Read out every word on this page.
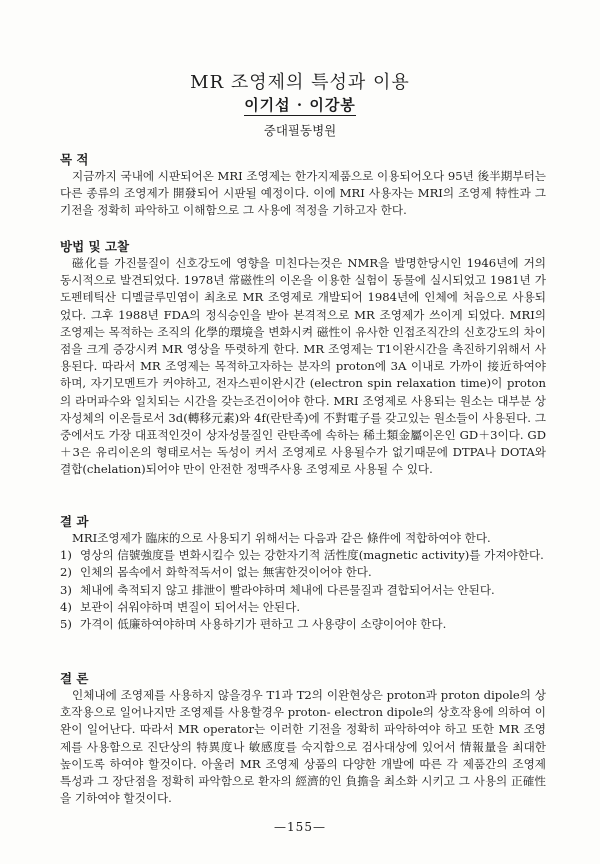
MR 조영제의 특성과 이용
이기섭 · 이강봉
중대필동병원
목 적

지금까지 국내에 시판되어온 MRI 조영제는 한가지제품으로 이용되어오다 95년 後半期부터는 다른 종류의 조영제가 開發되어 시판될 예정이다. 이에 MRI 사용자는 MRI의 조영제 特性과 그 기전을 정확히 파악하고 이해함으로 그 사용에 적정을 기하고자 한다.

방법 및 고찰

磁化를 가진물질이 신호강도에 영향을 미친다는것은 NMR을 발명한당시인 1946년에 거의 동시적으로 발견되었다. 1978년 常磁性의 이온을 이용한 실험이 동물에 실시되었고 1981년 가도펜테틱산 디멜글루민염이 최초로 MR 조영제로 개발되어 1984년에 인체에 처음으로 사용되었다. 그후 1988년 FDA의 정식승인을 받아 본격적으로 MR 조영제가 쓰이게 되었다. MRI의 조영제는 목적하는 조직의 化學的環境을 변화시켜 磁性이 유사한 인접조직간의 신호강도의 차이점을 크게 증강시켜 MR 영상을 뚜렷하게 한다. MR 조영제는 T1이완시간을 촉진하기위해서 사용된다. 따라서 MR 조영제는 목적하고자하는 분자의 proton에 3A 이내로 가까이 接近하여야하며, 자기모멘트가 커야하고, 전자스핀이완시간 (electron spin relaxation time)이 proton의 라머파수와 일치되는 시간을 갖는조건이어야 한다. MRI 조영제로 사용되는 원소는 대부분 상자성체의 이온들로서 3d(轉移元素)와 4f(란탄족)에 不對電子를 갖고있는 원소들이 사용된다. 그 중에서도 가장 대표적인것이 상자성물질인 란탄족에 속하는 稀土類金屬이온인 GD＋3이다. GD＋3은 유리이온의 형태로서는 독성이 커서 조영제로 사용될수가 없기때문에 DTPA나 DOTA와 결합(chelation)되어야 만이 안전한 정맥주사용 조영제로 사용될 수 있다.

결 과

MRI조영제가 臨床的으로 사용되기 위해서는 다음과 같은 條件에 적합하여야 한다.

1) 영상의 信號強度를 변화시킬수 있는 강한자기적 活性度(magnetic activity)를 가져야한다.
2) 인체의 몸속에서 화학적독서이 없는 無害한것이어야 한다.
3) 체내에 축적되지 않고 排泄이 빨라야하며 체내에 다른물질과 결합되어서는 안된다.
4) 보관이 쉬워야하며 변질이 되어서는 안된다.
5) 가격이 低廉하여야하며 사용하기가 편하고 그 사용량이 소량이어야 한다.
결 론

인체내에 조영제를 사용하지 않을경우 T1과 T2의 이완현상은 proton과 proton dipole의 상호작용으로 일어나지만 조영제를 사용할경우 proton- electron dipole의 상호작용에 의하여 이완이 일어난다. 따라서 MR operator는 이러한 기전을 정확히 파악하여야 하고 또한 MR 조영제를 사용함으로 진단상의 特異度나 敏感度를 숙지함으로 검사대상에 있어서 情報量을 최대한 높이도록 하여야 할것이다. 아울러 MR 조영제 상품의 다양한 개발에 따른 각 제품간의 조영제 특성과 그 장단점을 정확히 파악함으로 환자의 經濟的인 負擔을 최소화 시키고 그 사용의 正確性을 기하여야 할것이다.

—155—
